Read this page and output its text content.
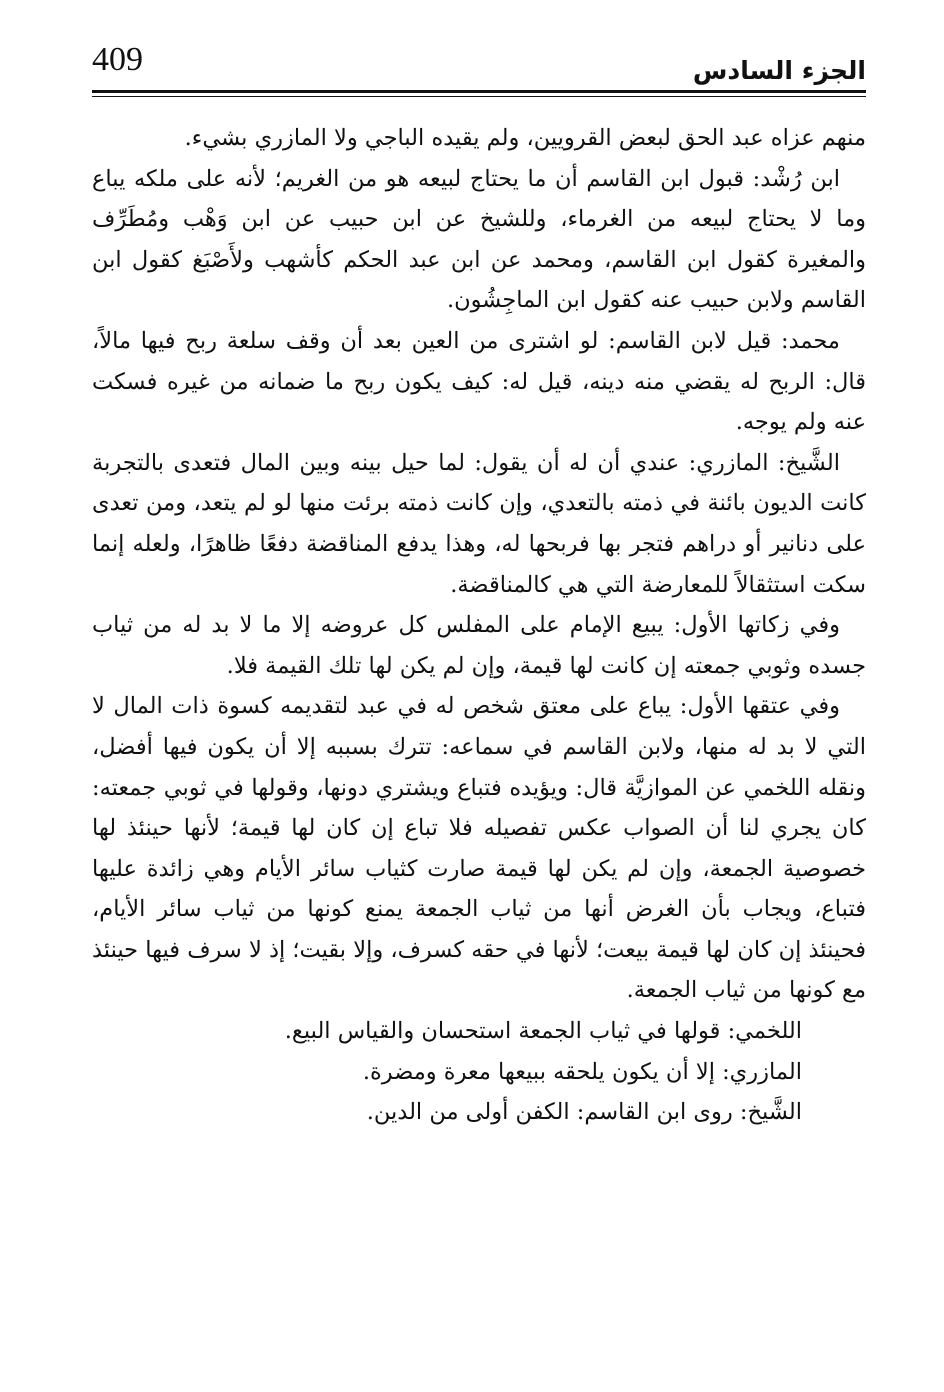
409	الجزء السادس

منهم عزاه عبد الحق لبعض القرويين، ولم يقيده الباجي ولا المازري بشيء.

ابن رُشْد: قبول ابن القاسم أن ما يحتاج لبيعه هو من الغريم؛ لأنه على ملكه يباع وما لا يحتاج لبيعه من الغرماء، وللشيخ عن ابن حبيب عن ابن وَهْب ومُطَرِّف والمغيرة كقول ابن القاسم، ومحمد عن ابن عبد الحكم كأشهب ولأَصْبَغ كقول ابن القاسم ولابن حبيب عنه كقول ابن الماجِشُون.

محمد: قيل لابن القاسم: لو اشترى من العين بعد أن وقف سلعة ربح فيها مالاً، قال: الربح له يقضي منه دينه، قيل له: كيف يكون ربح ما ضمانه من غيره فسكت عنه ولم يوجه.

الشَّيخ: المازري: عندي أن له أن يقول: لما حيل بينه وبين المال فتعدى بالتجربة كانت الديون بائنة في ذمته بالتعدي، وإن كانت ذمته برئت منها لو لم يتعد، ومن تعدى على دنانير أو دراهم فتجر بها فربحها له، وهذا يدفع المناقضة دفعًا ظاهرًا، ولعله إنما سكت استثقالاً للمعارضة التي هي كالمناقضة.

وفي زكاتها الأول: يبيع الإمام على المفلس كل عروضه إلا ما لا بد له من ثياب جسده وثوبي جمعته إن كانت لها قيمة، وإن لم يكن لها تلك القيمة فلا.

وفي عتقها الأول: يباع على معتق شخص له في عبد لتقديمه كسوة ذات المال لا التي لا بد له منها، ولابن القاسم في سماعه: تترك بسببه إلا أن يكون فيها أفضل، ونقله اللخمي عن الموازيَّة قال: ويؤيده فتباع ويشتري دونها، وقولها في ثوبي جمعته: كان يجري لنا أن الصواب عكس تفصيله فلا تباع إن كان لها قيمة؛ لأنها حينئذ لها خصوصية الجمعة، وإن لم يكن لها قيمة صارت كثياب سائر الأيام وهي زائدة عليها فتباع، ويجاب بأن الغرض أنها من ثياب الجمعة يمنع كونها من ثياب سائر الأيام، فحينئذ إن كان لها قيمة بيعت؛ لأنها في حقه كسرف، وإلا بقيت؛ إذ لا سرف فيها حينئذ مع كونها من ثياب الجمعة.

اللخمي: قولها في ثياب الجمعة استحسان والقياس البيع.

المازري: إلا أن يكون يلحقه ببيعها معرة ومضرة.

الشَّيخ: روى ابن القاسم: الكفن أولى من الدين.
